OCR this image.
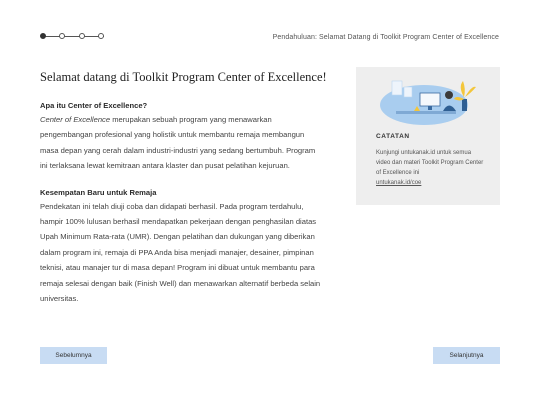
Pendahuluan: Selamat Datang di Toolkit Program Center of Excellence
Selamat datang di Toolkit Program Center of Excellence!
Apa itu Center of Excellence?

Center of Excellence merupakan sebuah program yang menawarkan pengembangan profesional yang holistik untuk membantu remaja membangun masa depan yang cerah dalam industri-industri yang sedang bertumbuh. Program ini terlaksana lewat kemitraan antara klaster dan pusat pelatihan kejuruan.

Kesempatan Baru untuk Remaja

Pendekatan ini telah diuji coba dan didapati berhasil. Pada program terdahulu, hampir 100% lulusan berhasil mendapatkan pekerjaan dengan penghasilan diatas Upah Minimum Rata-rata (UMR). Dengan pelatihan dan dukungan yang diberikan dalam program ini, remaja di PPA Anda bisa menjadi manajer, desainer, pimpinan teknisi, atau manajer tur di masa depan! Program ini dibuat untuk membantu para remaja selesai dengan baik (Finish Well) dan menawarkan alternatif berbeda selain universitas.

CATATAN
Kunjungi untukanak.id untuk semua video dan materi Toolkit Program Center of Excellence ini
untukanak.id/coe
Sebelumnya	Selanjutnya
